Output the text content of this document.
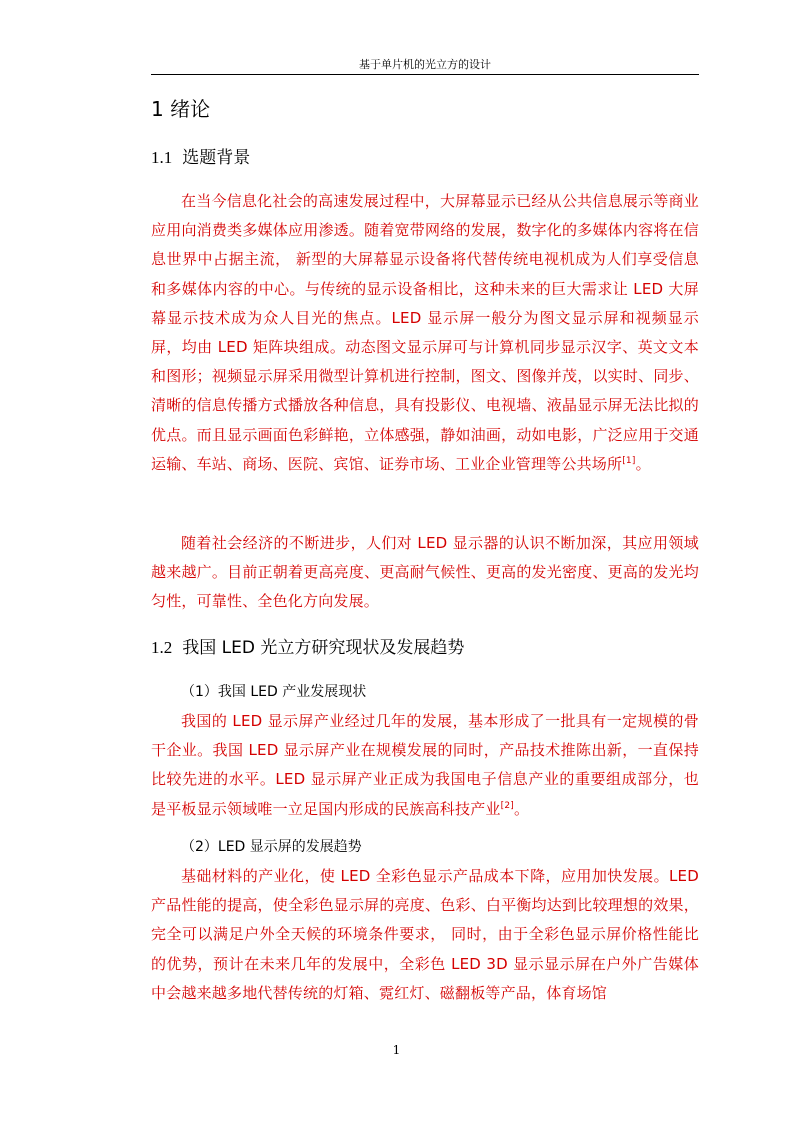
基于单片机的光立方的设计
1 绪论
1.1 选题背景
在当今信息化社会的高速发展过程中，大屏幕显示已经从公共信息展示等商业应用向消费类多媒体应用渗透。随着宽带网络的发展，数字化的多媒体内容将在信息世界中占据主流， 新型的大屏幕显示设备将代替传统电视机成为人们享受信息和多媒体内容的中心。与传统的显示设备相比，这种未来的巨大需求让 LED 大屏幕显示技术成为众人目光的焦点。LED 显示屏一般分为图文显示屏和视频显示屏，均由 LED 矩阵块组成。动态图文显示屏可与计算机同步显示汉字、英文文本和图形；视频显示屏采用微型计算机进行控制，图文、图像并茂，以实时、同步、清晰的信息传播方式播放各种信息，具有投影仪、电视墙、液晶显示屏无法比拟的优点。而且显示画面色彩鲜艳，立体感强，静如油画，动如电影，广泛应用于交通运输、车站、商场、医院、宾馆、证券市场、工业企业管理等公共场所[1]。
随着社会经济的不断进步，人们对 LED 显示器的认识不断加深，其应用领域越来越广。目前正朝着更高亮度、更高耐气候性、更高的发光密度、更高的发光均匀性，可靠性、全色化方向发展。
1.2 我国 LED 光立方研究现状及发展趋势
（1）我国 LED 产业发展现状
我国的 LED 显示屏产业经过几年的发展，基本形成了一批具有一定规模的骨干企业。我国 LED 显示屏产业在规模发展的同时，产品技术推陈出新，一直保持比较先进的水平。LED 显示屏产业正成为我国电子信息产业的重要组成部分，也是平板显示领域唯一立足国内形成的民族高科技产业[2]。
（2）LED 显示屏的发展趋势
基础材料的产业化，使 LED 全彩色显示产品成本下降，应用加快发展。LED 产品性能的提高，使全彩色显示屏的亮度、色彩、白平衡均达到比较理想的效果，完全可以满足户外全天候的环境条件要求， 同时，由于全彩色显示屏价格性能比的优势，预计在未来几年的发展中，全彩色 LED 3D 显示显示屏在户外广告媒体中会越来越多地代替传统的灯箱、霓红灯、磁翻板等产品，体育场馆
1
